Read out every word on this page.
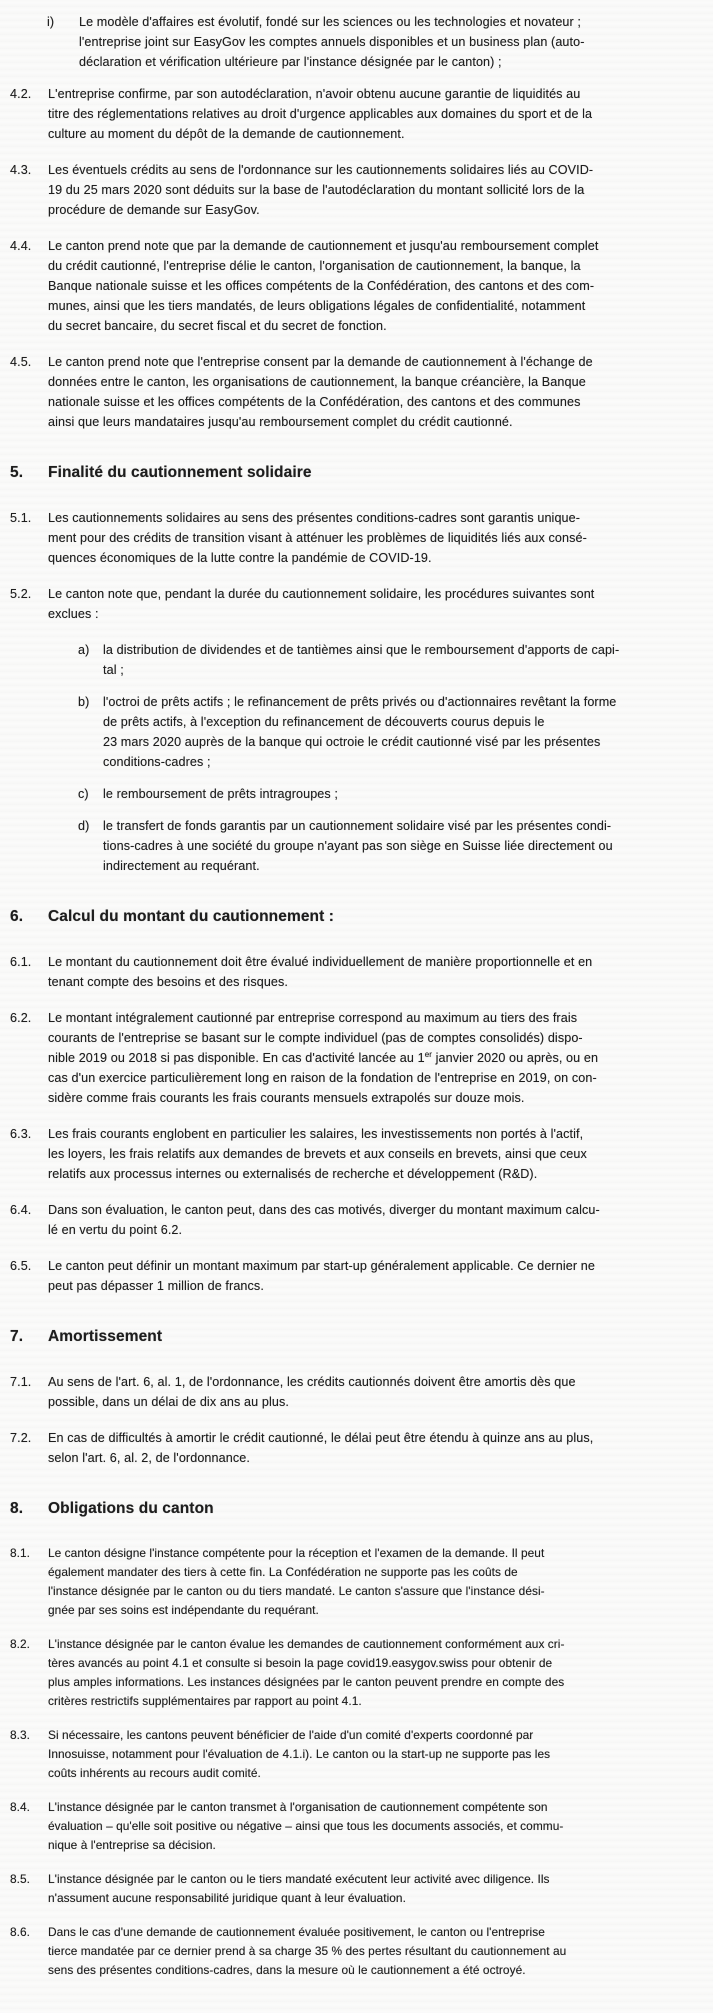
i)	Le modèle d'affaires est évolutif, fondé sur les sciences ou les technologies et novateur ;
l'entreprise joint sur EasyGov les comptes annuels disponibles et un business plan (auto-
déclaration et vérification ultérieure par l'instance désignée par le canton) ;
4.2.	L'entreprise confirme, par son autodéclaration, n'avoir obtenu aucune garantie de liquidités au
titre des réglementations relatives au droit d'urgence applicables aux domaines du sport et de la
culture au moment du dépôt de la demande de cautionnement.
4.3.	Les éventuels crédits au sens de l'ordonnance sur les cautionnements solidaires liés au COVID-
19 du 25 mars 2020 sont déduits sur la base de l'autodéclaration du montant sollicité lors de la
procédure de demande sur EasyGov.
4.4.	Le canton prend note que par la demande de cautionnement et jusqu'au remboursement complet
du crédit cautionné, l'entreprise délie le canton, l'organisation de cautionnement, la banque, la
Banque nationale suisse et les offices compétents de la Confédération, des cantons et des com-
munes, ainsi que les tiers mandatés, de leurs obligations légales de confidentialité, notamment
du secret bancaire, du secret fiscal et du secret de fonction.
4.5.	Le canton prend note que l'entreprise consent par la demande de cautionnement à l'échange de
données entre le canton, les organisations de cautionnement, la banque créancière, la Banque
nationale suisse et les offices compétents de la Confédération, des cantons et des communes
ainsi que leurs mandataires jusqu'au remboursement complet du crédit cautionné.
5.	Finalité du cautionnement solidaire
5.1.	Les cautionnements solidaires au sens des présentes conditions-cadres sont garantis unique-
ment pour des crédits de transition visant à atténuer les problèmes de liquidités liés aux consé-
quences économiques de la lutte contre la pandémie de COVID-19.
5.2.	Le canton note que, pendant la durée du cautionnement solidaire, les procédures suivantes sont
exclues :
a)	la distribution de dividendes et de tantièmes ainsi que le remboursement d'apports de capi-
tal ;
b)	l'octroi de prêts actifs ; le refinancement de prêts privés ou d'actionnaires revêtant la forme
de prêts actifs, à l'exception du refinancement de découverts courus depuis le
23 mars 2020 auprès de la banque qui octroie le crédit cautionné visé par les présentes
conditions-cadres ;
c)	le remboursement de prêts intragroupes ;
d)	le transfert de fonds garantis par un cautionnement solidaire visé par les présentes condi-
tions-cadres à une société du groupe n'ayant pas son siège en Suisse liée directement ou
indirectement au requérant.
6.	Calcul du montant du cautionnement :
6.1.	Le montant du cautionnement doit être évalué individuellement de manière proportionnelle et en
tenant compte des besoins et des risques.
6.2.	Le montant intégralement cautionné par entreprise correspond au maximum au tiers des frais
courants de l'entreprise se basant sur le compte individuel (pas de comptes consolidés) dispo-
nible 2019 ou 2018 si pas disponible. En cas d'activité lancée au 1er janvier 2020 ou après, ou en
cas d'un exercice particulièrement long en raison de la fondation de l'entreprise en 2019, on con-
sidère comme frais courants les frais courants mensuels extrapolés sur douze mois.
6.3.	Les frais courants englobent en particulier les salaires, les investissements non portés à l'actif,
les loyers, les frais relatifs aux demandes de brevets et aux conseils en brevets, ainsi que ceux
relatifs aux processus internes ou externalisés de recherche et développement (R&D).
6.4.	Dans son évaluation, le canton peut, dans des cas motivés, diverger du montant maximum calcu-
lé en vertu du point 6.2.
6.5.	Le canton peut définir un montant maximum par start-up généralement applicable. Ce dernier ne
peut pas dépasser 1 million de francs.
7.	Amortissement
7.1.	Au sens de l'art. 6, al. 1, de l'ordonnance, les crédits cautionnés doivent être amortis dès que
possible, dans un délai de dix ans au plus.
7.2.	En cas de difficultés à amortir le crédit cautionné, le délai peut être étendu à quinze ans au plus,
selon l'art. 6, al. 2, de l'ordonnance.
8.	Obligations du canton
8.1.	Le canton désigne l'instance compétente pour la réception et l'examen de la demande. Il peut
également mandater des tiers à cette fin. La Confédération ne supporte pas les coûts de
l'instance désignée par le canton ou du tiers mandaté. Le canton s'assure que l'instance dési-
gnée par ses soins est indépendante du requérant.
8.2.	L'instance désignée par le canton évalue les demandes de cautionnement conformément aux cri-
tères avancés au point 4.1 et consulte si besoin la page covid19.easygov.swiss pour obtenir de
plus amples informations. Les instances désignées par le canton peuvent prendre en compte des
critères restrictifs supplémentaires par rapport au point 4.1.
8.3.	Si nécessaire, les cantons peuvent bénéficier de l'aide d'un comité d'experts coordonné par
Innosuisse, notamment pour l'évaluation de 4.1.i). Le canton ou la start-up ne supporte pas les
coûts inhérents au recours audit comité.
8.4.	L'instance désignée par le canton transmet à l'organisation de cautionnement compétente son
évaluation – qu'elle soit positive ou négative – ainsi que tous les documents associés, et commu-
nique à l'entreprise sa décision.
8.5.	L'instance désignée par le canton ou le tiers mandaté exécutent leur activité avec diligence. Ils
n'assument aucune responsabilité juridique quant à leur évaluation.
8.6.	Dans le cas d'une demande de cautionnement évaluée positivement, le canton ou l'entreprise
tierce mandatée par ce dernier prend à sa charge 35 % des pertes résultant du cautionnement au
sens des présentes conditions-cadres, dans la mesure où le cautionnement a été octroyé.
